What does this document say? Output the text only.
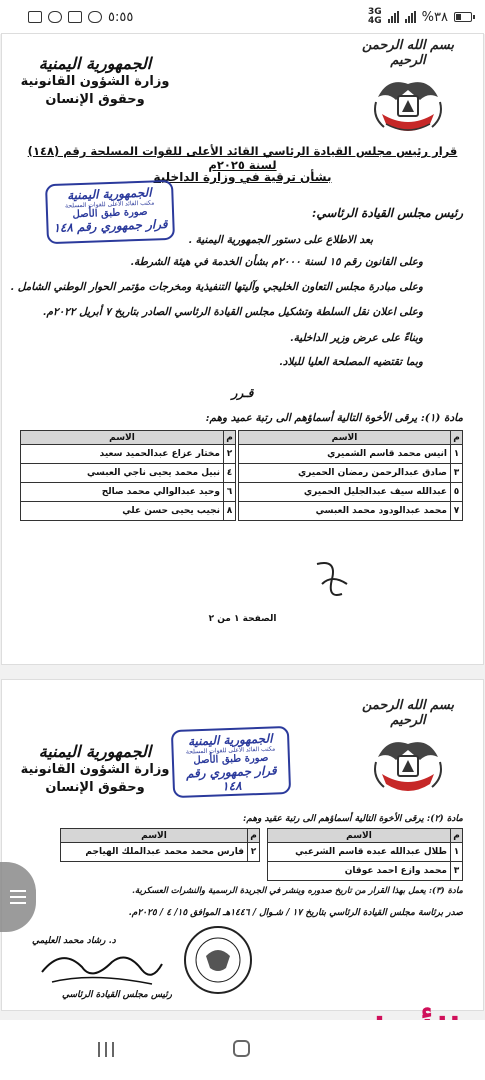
٥:٥٥	3G
4G	%٣٨
بسم الله الرحمن الرحيم
الجمهورية اليمنية
وزارة الشؤون القانونية
وحقوق الإنسان
قرار رئيس مجلس القيادة الرئاسي القائد الأعلى للقوات المسلحة رقم (١٤٨) لسنة ٢٠٢٥م
بشأن ترقية في وزارة الداخلية
الجمهورية اليمنية
مكتب القائد الأعلى للقوات المسلحة
صورة طبق الأصل
قرار جمهوري رقم ١٤٨
رئيس مجلس القيادة الرئاسي:
بعد الاطلاع على دستور الجمهورية اليمنية .
وعلى القانون رقم ١٥ لسنة ٢٠٠٠م بشأن الخدمة في هيئة الشرطة.
وعلى مبادرة مجلس التعاون الخليجي وآليتها التنفيذية ومخرجات مؤتمر الحوار الوطني الشامل .
وعلى اعلان نقل السلطة وتشكيل مجلس القيادة الرئاسي الصادر بتاريخ ٧ أبريل ٢٠٢٢م.
وبناءً على عرض وزير الداخلية.
وبما تقتضيه المصلحة العليا للبلاد.
قـرر
مادة (١): يرقى الأخوة التالية أسماؤهم الى رتبة عميد وهم:
م	الاسم
١	انيس محمد قاسم الشميري
٣	صادق عبدالرحمن رمضان الحميري
٥	عبدالله سيف عبدالجليل الحميري
٧	محمد عبدالودود محمد العبسي
م	الاسم
٢	مختار عزاع عبدالحميد سعيد
٤	نبيل محمد يحيى ناجي العبسي
٦	وحيد عبدالوالي محمد صالح
٨	نجيب يحيى حسن علي
الصفحة ١ من ٢
بسم الله الرحمن الرحيم
الجمهورية اليمنية
وزارة الشؤون القانونية
وحقوق الإنسان
الجمهورية اليمنية
مكتب القائد الأعلى للقوات المسلحة
صورة طبق الأصل
قرار جمهوري رقم ١٤٨
مادة (٢): يرقى الأخوة التالية أسماؤهم الى رتبة عقيد وهم:
م	الاسم
١	طلال عبدالله عبده قاسم الشرعبي
٣	محمد وازع احمد عوقان
م	الاسم
٢	فارس محمد محمد عبدالملك الهياجم
مادة (٣): يعمل بهذا القرار من تاريخ صدوره وينشر في الجريدة الرسمية والنشرات العسكرية.
صدر برئاسة مجلس القيادة الرئاسي بتاريخ ١٧ / شـوال / ١٤٤٦هـ الموافق ١٥/ ٤ / ٢٠٢٥م.
د. رشاد محمد العليمي
رئيس مجلس القيادة الرئاسي
